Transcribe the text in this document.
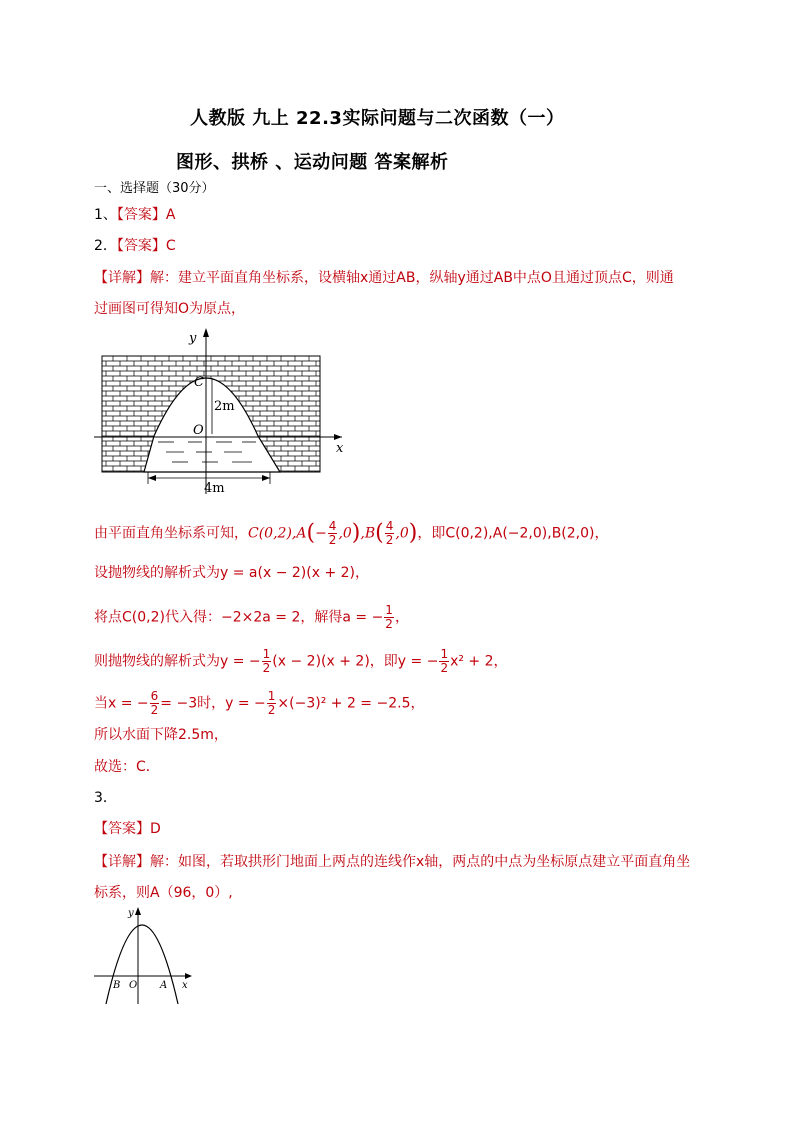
人教版 九上 22.3实际问题与二次函数（一）
图形、拱桥 、运动问题 答案解析
一、选择题（30分）
1、【答案】A
2．【答案】C
【详解】解：建立平面直角坐标系，设横轴x通过AB，纵轴y通过AB中点O且通过顶点C，则通
过画图可得知O为原点，
y
x
C
O
2m
4m
由平面直角坐标系可知，$C(0,2),A(- \frac{4}{2} ,0),B( \frac{4}{2} ,0)$，即C(0,2),A(−2,0),B(2,0)，
设抛物线的解析式为y = a(x − 2)(x + 2)，
将点C(0,2)代入得：−2×2a = 2，解得a = − $\frac{1}{2}$ ，
则抛物线的解析式为y = − $\frac{1}{2} (x - 2)(x + 2)$，即y = − $\frac{1}{2} x^2 + 2$，
当x = − $\frac{6}{2} = -3$时，y = − $\frac{1}{2} \times(-3)^2 + 2 = -2.5$，
所以水面下降2.5m，
故选：C．
3．
【答案】D
【详解】解：如图，若取拱形门地面上两点的连线作x轴，两点的中点为坐标原点建立平面直角坐
标系，则A（96，0）,
y
x
B O A
